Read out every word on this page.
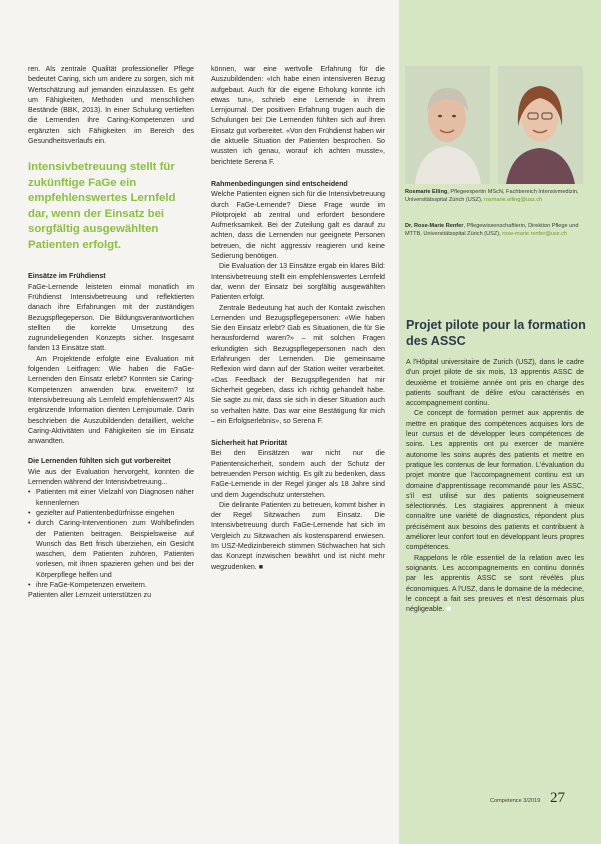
ren. Als zentrale Qualität professioneller Pflege bedeutet Caring, sich um andere zu sorgen, sich mit Wertschätzung auf jemanden einzulassen. Es geht um Fähigkeiten, Methoden und menschlichen Bestände (BBK, 2013). In einer Schulung vertieften die Lernenden ihre Caring-Kompetenzen und ergänzten sich Fähigkeiten im Bereich des Gesundheitsverlaufs ein.

Intensivbetreuung stellt für zukünftige FaGe ein empfehlenswertes Lernfeld dar, wenn der Einsatz bei sorgfältig ausgewählten Patienten erfolgt.

Einsätze im Frühdienst

FaGe-Lernende leisteten einmal monatlich im Frühdienst Intensivbetreuung und reflektierten danach ihre Erfahrungen mit der zuständigen Bezugspflegeperson. Die Bildungsverantwortlichen stellten die korrekte Umsetzung des zugrundeliegenden Konzepts sicher. Insgesamt fanden 13 Einsätze statt.

Am Projektende erfolgte eine Evaluation mit folgenden Leitfragen: Wie haben die FaGe-Lernenden den Einsatz erlebt? Konnten sie Caring-Kompetenzen anwenden bzw. erweitern? Ist Intensivbetreuung als Lernfeld empfehlenswert? Als ergänzende Information dienten Lernjournale. Darin beschrieben die Auszubildenden detailliert, welche Caring-Aktivitäten und Fähigkeiten sie im Einsatz anwandten.

Die Lernenden fühlten sich gut vorbereitet

Wie aus der Evaluation hervorgeht, konnten die Lernenden während der Intensivbetreuung...

• Patienten mit einer Vielzahl von Diagnosen näher kennenlernen
• gezielter auf Patientenbedürfnisse eingehen
• durch Caring-Interventionen zum Wohlbefinden der Patienten beitragen. Beispielsweise auf Wunsch das Bett frisch überziehen, ein Gesicht waschen, dem Patienten zuhören, Patienten vorlesen, mit ihnen spazieren gehen und bei der Körperpflege helfen und
• ihre FaGe-Kompetenzen erweitern.

Patienten aller Lernzeit unterstützen zu

können, war eine wertvolle Erfahrung für die Auszubildenden: «Ich habe einen intensiveren Bezug aufgebaut. Auch für die eigene Erholung konnte ich etwas tun», schrieb eine Lernende in ihrem Lernjournal. Der positiven Erfahrung trugen auch die Schulungen bei: Die Lernenden fühlten sich auf ihren Einsatz gut vorbereitet. «Von den Frühdienst haben wir die aktuelle Situation der Patienten besprochen. So wussten ich genau, worauf ich achten musste», berichtete Serena F.

Rahmenbedingungen sind entscheidend

Welche Patienten eignen sich für die Intensivbetreuung durch FaGe-Lernende? Diese Frage wurde im Pilotprojekt ab zentral und erfordert besondere Aufmerksamkeit. Bei der Zuteilung galt es darauf zu achten, dass die Lernenden nur geeignete Personen betreuen, die nicht aggressiv reagieren und keine Sedierung benötigen.

Die Evaluation der 13 Einsätze ergab ein klares Bild: Intensivbetreuung stellt ein empfehlenswertes Lernfeld dar, wenn der Einsatz bei sorgfältig ausgewählten Patienten erfolgt.

Zentrale Bedeutung hat auch der Kontakt zwischen Lernenden und Bezugspflegepersonen: «Wie haben Sie den Einsatz erlebt? Gab es Situationen, die für Sie herausfordernd waren?» – mit solchen Fragen erkundigten sich Bezugspflegepersonen nach den Erfahrungen der Lernenden. Die gemeinsame Reflexion wird dann auf der Station weiter verarbeitet. «Das Feedback der Bezugspflegenden hat mir Sicherheit gegeben, dass ich richtig gehandelt habe. Sie sagte zu mir, dass sie sich in dieser Situation auch so verhalten hätte. Das war eine Bestätigung für mich – ein Erfolgserlebnis», so Serena F.

Sicherheit hat Priorität

Bei den Einsätzen war nicht nur die Patientensicherheit, sondern auch der Schutz der betreuenden Person wichtig. Es gilt zu bedenken, dass FaGe-Lernende in der Regel jünger als 18 Jahre sind und dem Jugendschutz unterstehen.

Die delirante Patienten zu betreuen, kommt bisher in der Regel Sitzwachen zum Einsatz. Die Intensivbetreuung durch FaGe-Lernende hat sich im Vergleich zu Sitzwachen als kostensparend erwiesen. Im USZ-Medizinbereich stimmen Stichwachen hat sich das Konzept inzwischen bewährt und ist nicht mehr wegzudenken. ■

Rosmarie Elling, Pflegeexpertin MScN, Fachbereich Intensivmedizin, Universitätsspital Zürich (USZ), rosmarie.elling@usz.ch
Dr. Rose-Marie Renfer, Pflegewissenschaftlerin, Direktion Pflege und MTTB, Universitätsspital Zürich (USZ), rose-marie.renfer@usz.ch
Projet pilote pour la formation des ASSC

A l'Hôpital universitaire de Zurich (USZ), dans le cadre d'un projet pilote de six mois, 13 apprentis ASSC de deuxième et troisième année ont pris en charge des patients souffrant de délire et/ou caractérisés en accompagnement continu.

Ce concept de formation permet aux apprentis de mettre en pratique des compétences acquises lors de leur cursus et de développer leurs compétences de soins. Les apprentis ont pu exercer de manière autonome les soins auprès des patients et mettre en pratique les contenus de leur formation. L'évaluation du projet montre que l'accompagnement continu est un domaine d'apprentissage recommandé pour les ASSC, s'il est utilisé sur des patients soigneusement sélectionnés. Les stagiaires apprennent à mieux connaître une variété de diagnostics, répondent plus précisément aux besoins des patients et contribuent à améliorer leur confort tout en développant leurs propres compétences.

Rappelons le rôle essentiel de la relation avec les soignants. Les accompagnements en continu donnés par les apprentis ASSC se sont révélés plus économiques. A l'USZ, dans le domaine de la médecine, le concept a fait ses preuves et n'est désormais plus négligeable. ■

Competence 3/2019 27
